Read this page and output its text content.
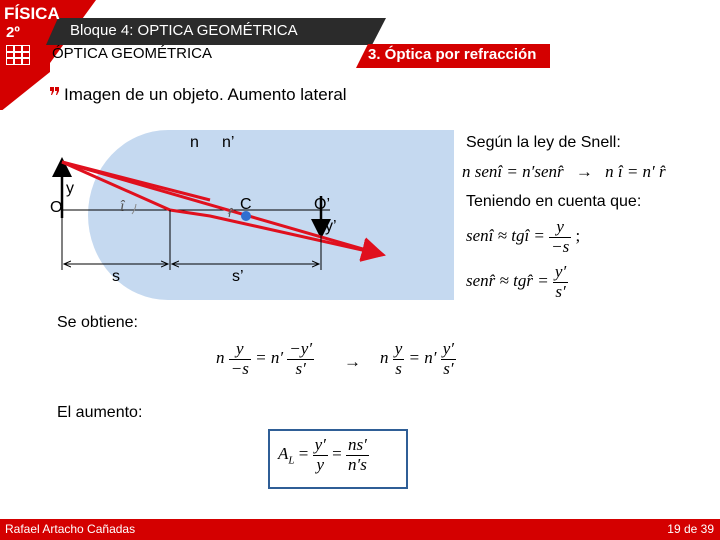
FÍSICA
2º	Bloque 4: OPTICA GEOMÉTRICA
ÓPTICA GEOMÉTRICA	3. Óptica por refracción
Imagen de un objeto. Aumento lateral
n n’
O
y
C	O’
y’
s	s’
î	r̂
Según la ley de Snell:
n senî = n′senr̂ → n î = n′ r̂
Teniendo en cuenta que:
senî ≈ tgî = $\frac{y}{-s}$ ;
senr̂ ≈ tgr̂ = $\frac{y'}{s'}$
Se obtiene:
n $\frac{y}{-s} = n' \frac{-y'}{s'} \to n \frac{y}{s} = n' \frac{y'}{s'}$
El aumento:
$A_L = \frac{y'}{y} = \frac{ns'}{n's}$
Rafael Artacho Cañadas	19 de 39
